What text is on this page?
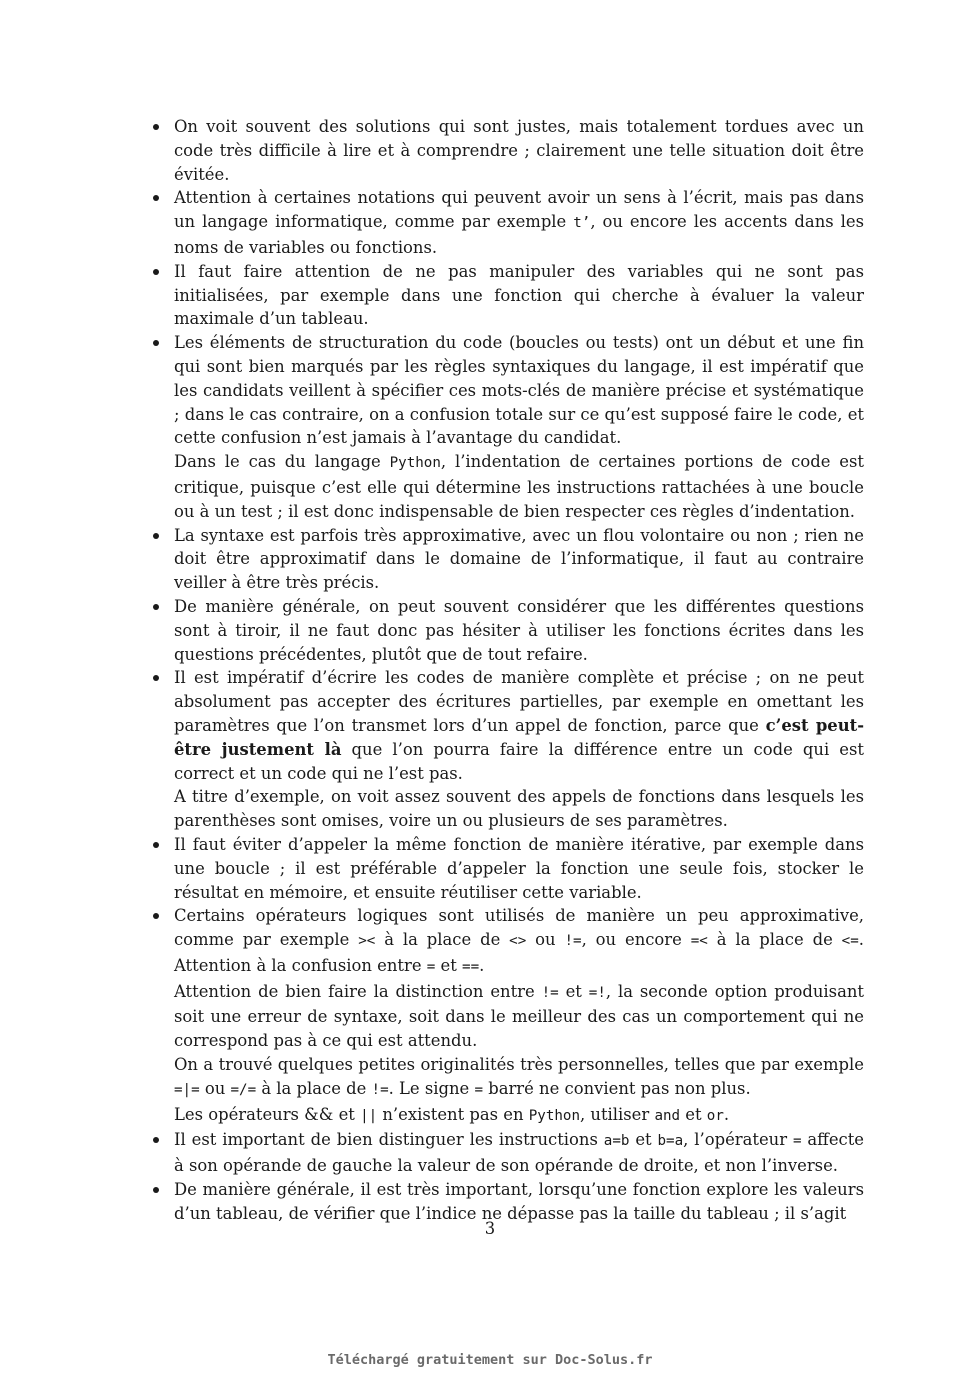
On voit souvent des solutions qui sont justes, mais totalement tordues avec un code très difficile à lire et à comprendre ; clairement une telle situation doit être évitée.
Attention à certaines notations qui peuvent avoir un sens à l’écrit, mais pas dans un langage informatique, comme par exemple t’, ou encore les accents dans les noms de variables ou fonctions.
Il faut faire attention de ne pas manipuler des variables qui ne sont pas initialisées, par exemple dans une fonction qui cherche à évaluer la valeur maximale d’un tableau.
Les éléments de structuration du code (boucles ou tests) ont un début et une fin qui sont bien marqués par les règles syntaxiques du langage, il est impératif que les candidats veillent à spécifier ces mots-clés de manière précise et systématique ; dans le cas contraire, on a confusion totale sur ce qu’est supposé faire le code, et cette confusion n’est jamais à l’avantage du candidat.
Dans le cas du langage Python, l’indentation de certaines portions de code est critique, puisque c’est elle qui détermine les instructions rattachées à une boucle ou à un test ; il est donc indispensable de bien respecter ces règles d’indentation.
La syntaxe est parfois très approximative, avec un flou volontaire ou non ; rien ne doit être approximatif dans le domaine de l’informatique, il faut au contraire veiller à être très précis.
De manière générale, on peut souvent considérer que les différentes questions sont à tiroir, il ne faut donc pas hésiter à utiliser les fonctions écrites dans les questions précédentes, plutôt que de tout refaire.
Il est impératif d’écrire les codes de manière complète et précise ; on ne peut absolument pas accepter des écritures partielles, par exemple en omettant les paramètres que l’on transmet lors d’un appel de fonction, parce que c’est peut-être justement là que l’on pourra faire la différence entre un code qui est correct et un code qui ne l’est pas.
A titre d’exemple, on voit assez souvent des appels de fonctions dans lesquels les parenthèses sont omises, voire un ou plusieurs de ses paramètres.
Il faut éviter d’appeler la même fonction de manière itérative, par exemple dans une boucle ; il est préférable d’appeler la fonction une seule fois, stocker le résultat en mémoire, et ensuite réutiliser cette variable.
Certains opérateurs logiques sont utilisés de manière un peu approximative, comme par exemple >< à la place de <> ou !=, ou encore =< à la place de <=. Attention à la confusion entre = et ==.
Attention de bien faire la distinction entre != et =!, la seconde option produisant soit une erreur de syntaxe, soit dans le meilleur des cas un comportement qui ne correspond pas à ce qui est attendu.
On a trouvé quelques petites originalités très personnelles, telles que par exemple =|= ou =/= à la place de !=. Le signe = barré ne convient pas non plus.
Les opérateurs && et || n’existent pas en Python, utiliser and et or.
Il est important de bien distinguer les instructions a=b et b=a, l’opérateur = affecte à son opérande de gauche la valeur de son opérande de droite, et non l’inverse.
De manière générale, il est très important, lorsqu’une fonction explore les valeurs d’un tableau, de vérifier que l’indice ne dépasse pas la taille du tableau ; il s’agit
3
Téléchargé gratuitement sur Doc-Solus.fr
